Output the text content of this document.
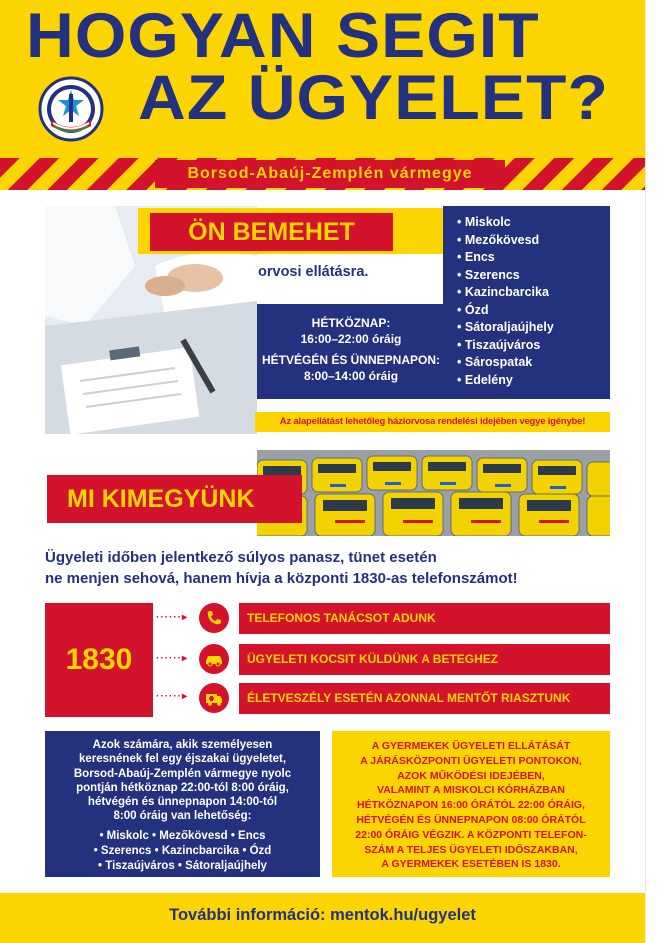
HOGYAN SEGIT
AZ ÜGYELET?
Borsod-Abaúj-Zemplén vármegye
ÖN BEMEHET
•	Miskolc
• Mezőkövesd
• Encs
• Szerencs
• Kazincbarcika
• Ózd
• Sátoraljaújhely
• Tiszaújváros
• Sárospatak
• Edelény
orvosi ellátásra.
HÉTKÖZNAP:
16:00–22:00 óráig
HÉTVÉGÉN ÉS ÜNNEPNAPON:
8:00–14:00 óráig
Az alapellátást lehetőleg háziorvosa rendelési idejében vegye igénybe!
MI KIMEGYÜNK
Ügyeleti időben jelentkező súlyos panasz, tünet esetén
ne menjen sehová, hanem hívja a központi 1830-as telefonszámot!
1830
······▸
······▸
······▸
TELEFONOS TANÁCSOT ADUNK
ÜGYELETI KOCSIT KÜLDÜNK A BETEGHEZ
ÉLETVESZÉLY ESETÉN AZONNAL MENTŐT RIASZTUNK
Azok számára, akik személyesen
keresnének fel egy éjszakai ügyeletet,
Borsod-Abaúj-Zemplén vármegye nyolc
pontján hétköznap 22:00-tól 8:00 óráig,
hétvégén és ünnepnapon 14:00-tól
8:00 óráig van lehetőség:
• Miskolc • Mezőkövesd • Encs
• Szerencs • Kazincbarcika • Ózd
• Tiszaújváros • Sátoraljaújhely
A GYERMEKEK ÜGYELETI ELLÁTÁSÁT
A JÁRÁSKÖZPONTI ÜGYELETI PONTOKON,
AZOK MŰKÖDÉSI IDEJÉBEN,
VALAMINT A MISKOLCI KÓRHÁZBAN
HÉTKÖZNAPON 16:00 ÓRÁTÓL 22:00 ÓRÁIG,
HÉTVÉGÉN ÉS ÜNNEPNAPON 08:00 ÓRÁTÓL
22:00 ÓRÁIG VÉGZIK. A KÖZPONTI TELEFON-
SZÁM A TELJES ÜGYELETI IDŐSZAKBAN,
A GYERMEKEK ESETÉBEN IS 1830.
További információ: mentok.hu/ugyelet
